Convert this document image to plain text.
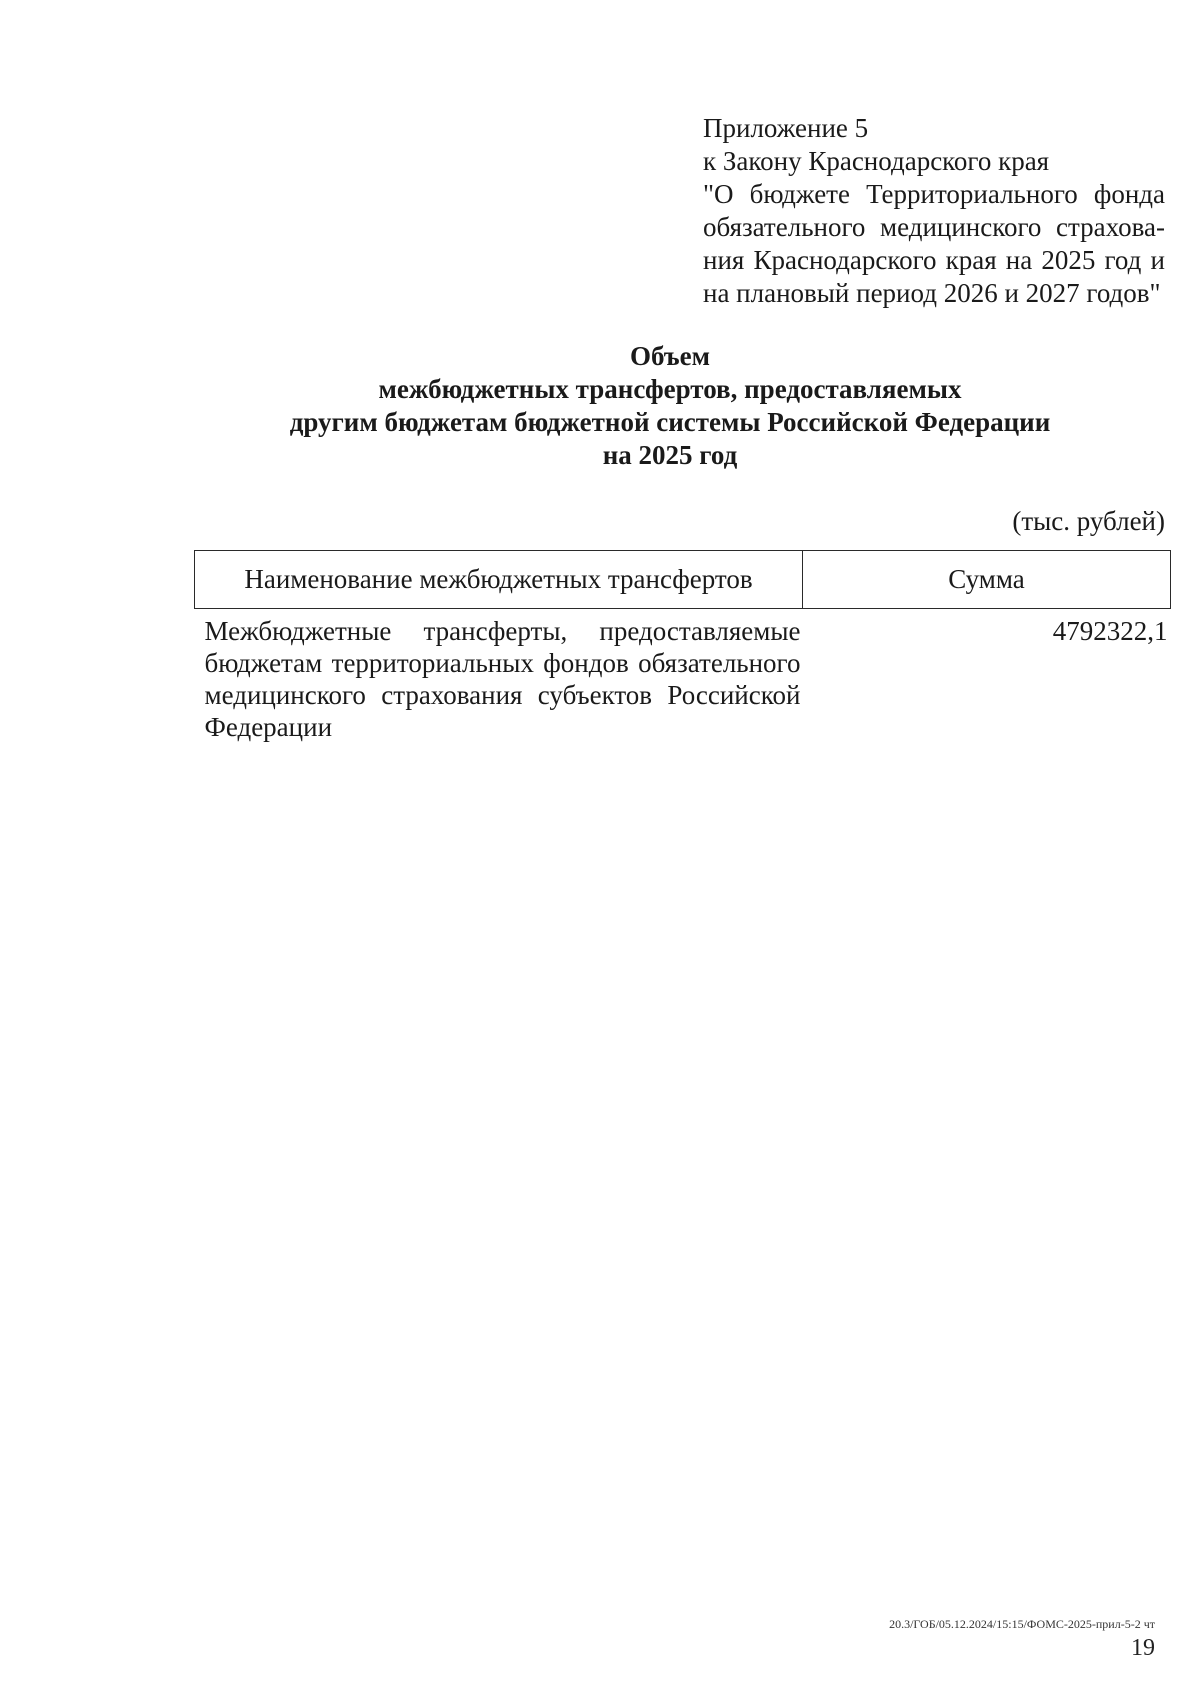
Приложение 5
к Закону Краснодарского края
"О бюджете Территориального фонда
обязательного медицинского страхова-
ния Краснодарского края на 2025 год и
на плановый период 2026 и 2027 годов"
Объем
межбюджетных трансфертов, предоставляемых
другим бюджетам бюджетной системы Российской Федерации
на 2025 год
(тыс. рублей)
Наименование межбюджетных трансфертов	Сумма
Межбюджетные трансферты, предоставляемые бюджетам территориальных фондов обязательного медицинского страхования субъектов Российской Федерации	4792322,1
20.3/ГОБ/05.12.2024/15:15/ФОМС-2025-прил-5-2 чт
19
